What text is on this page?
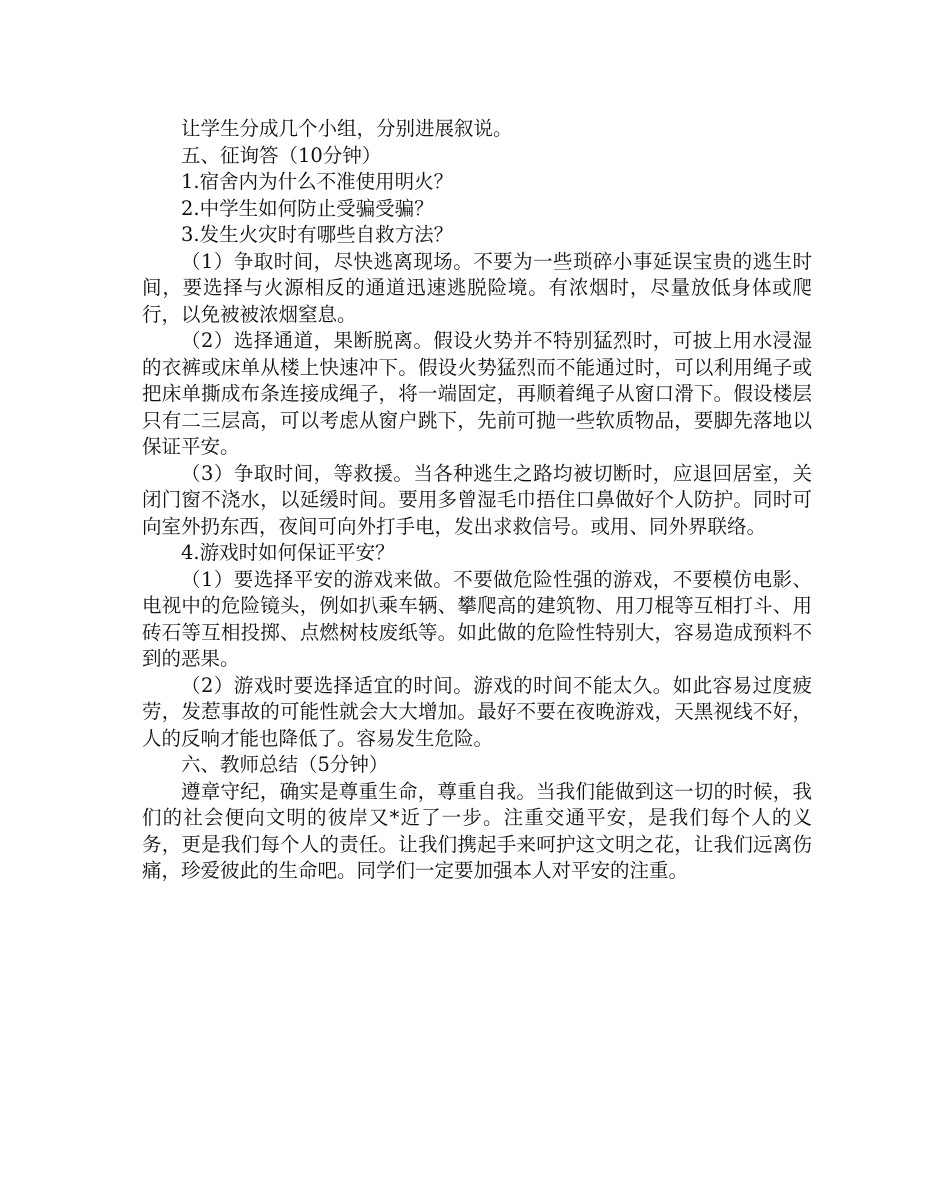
让学生分成几个小组，分别进展叙说。

五、征询答（10分钟）

1.宿舍内为什么不准使用明火？

2.中学生如何防止受骗受骗？

3.发生火灾时有哪些自救方法？

（1）争取时间，尽快逃离现场。不要为一些琐碎小事延误宝贵的逃生时间，要选择与火源相反的通道迅速逃脱险境。有浓烟时，尽量放低身体或爬行，以免被被浓烟窒息。

（2）选择通道，果断脱离。假设火势并不特别猛烈时，可披上用水浸湿的衣裤或床单从楼上快速冲下。假设火势猛烈而不能通过时，可以利用绳子或把床单撕成布条连接成绳子，将一端固定，再顺着绳子从窗口滑下。假设楼层只有二三层高，可以考虑从窗户跳下，先前可抛一些软质物品，要脚先落地以保证平安。

（3）争取时间，等救援。当各种逃生之路均被切断时，应退回居室，关闭门窗不浇水，以延缓时间。要用多曾湿毛巾捂住口鼻做好个人防护。同时可向室外扔东西，夜间可向外打手电，发出求救信号。或用、同外界联络。

4.游戏时如何保证平安？

（1）要选择平安的游戏来做。不要做危险性强的游戏，不要模仿电影、电视中的危险镜头，例如扒乘车辆、攀爬高的建筑物、用刀棍等互相打斗、用砖石等互相投掷、点燃树枝废纸等。如此做的危险性特别大，容易造成预料不到的恶果。

（2）游戏时要选择适宜的时间。游戏的时间不能太久。如此容易过度疲劳，发惹事故的可能性就会大大增加。最好不要在夜晚游戏，天黑视线不好，人的反响才能也降低了。容易发生危险。

六、教师总结（5分钟）

遵章守纪，确实是尊重生命，尊重自我。当我们能做到这一切的时候，我们的社会便向文明的彼岸又*近了一步。注重交通平安，是我们每个人的义务，更是我们每个人的责任。让我们携起手来呵护这文明之花，让我们远离伤痛，珍爱彼此的生命吧。同学们一定要加强本人对平安的注重。
